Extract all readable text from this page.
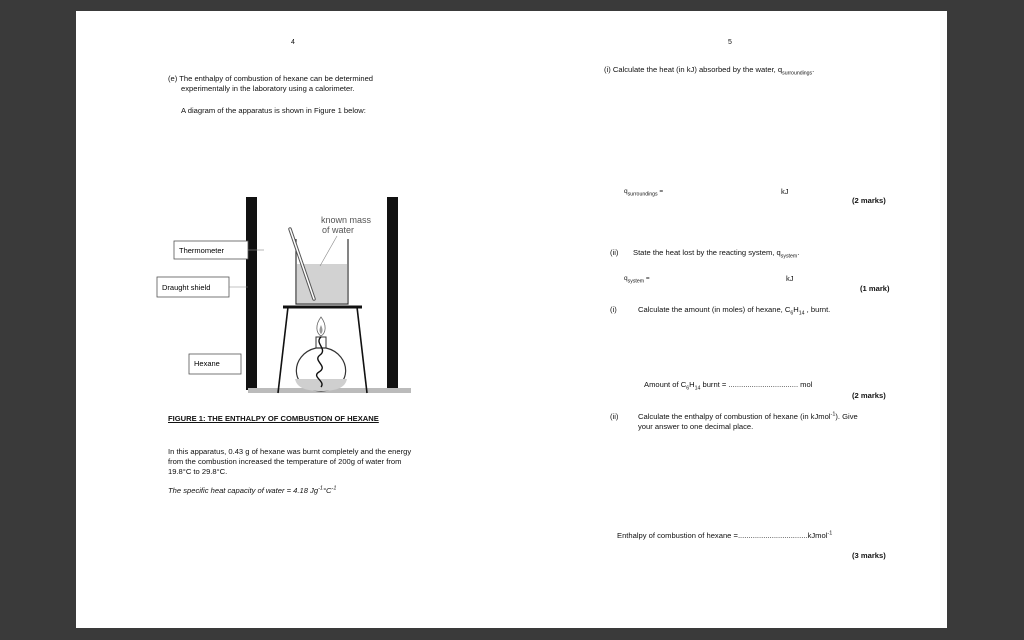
4
(e) The enthalpy of combustion of hexane can be determined
experimentally in the laboratory using a calorimeter.
A diagram of the apparatus is shown in Figure 1 below:
Thermometer
Draught shield
Hexane
known mass
of water
FIGURE 1: THE ENTHALPY OF COMBUSTION OF HEXANE
In this apparatus, 0.43 g of hexane was burnt completely and the energy
from the combustion increased the temperature of 200g of water from
19.8°C to 29.8°C.
The specific heat capacity of water = 4.18 $Jg^{-1}^\circ C^{-1}$
5
(i) Calculate the heat (in kJ) absorbed by the water, $q_{surroundings}$.
$q_{surroundings}$ =	kJ
(2 marks)
(ii) State the heat lost by the reacting system, $q_{system}$.
$q_{system}$ =	kJ
(1 mark)
(i)	Calculate the amount (in moles) of hexane, $C_6H_{14}$ , burnt.
Amount of $C_6H_{14}$ burnt = ................................. mol
(2 marks)
(ii)	Calculate the enthalpy of combustion of hexane (in kJmol$^{-1}$). Give
your answer to one decimal place.
Enthalpy of combustion of hexane =.................................kJmol$^{-1}$
(3 marks)
